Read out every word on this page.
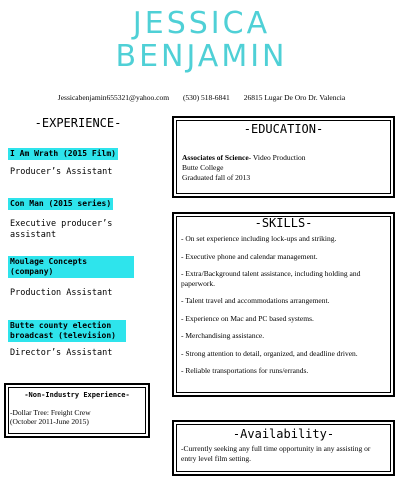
JESSICA
BENJAMIN
Jessicabenjamin655321@yahoo.com (530) 518-6841 26815 Lugar De Oro Dr. Valencia
-EXPERIENCE-
I Am Wrath (2015 Film)
Producer’s Assistant
Con Man (2015 series)
Executive producer’s assistant
Moulage Concepts (company)
Production Assistant
Butte county election broadcast (television)
Director’s Assistant
-Non-Industry Experience-
-Dollar Tree: Freight Crew
(October 2011-June 2015)
-EDUCATION-
Associates of Science- Video Production
Butte College
Graduated fall of 2013
-SKILLS-
- On set experience including lock-ups and striking.
- Executive phone and calendar management.
- Extra/Background talent assistance, including holding and paperwork.
- Talent travel and accommodations arrangement.
- Experience on Mac and PC based systems.
- Merchandising assistance.
- Strong attention to detail, organized, and deadline driven.
- Reliable transportations for runs/errands.
-Availability-
-Currently seeking any full time opportunity in any assisting or entry level film setting.
